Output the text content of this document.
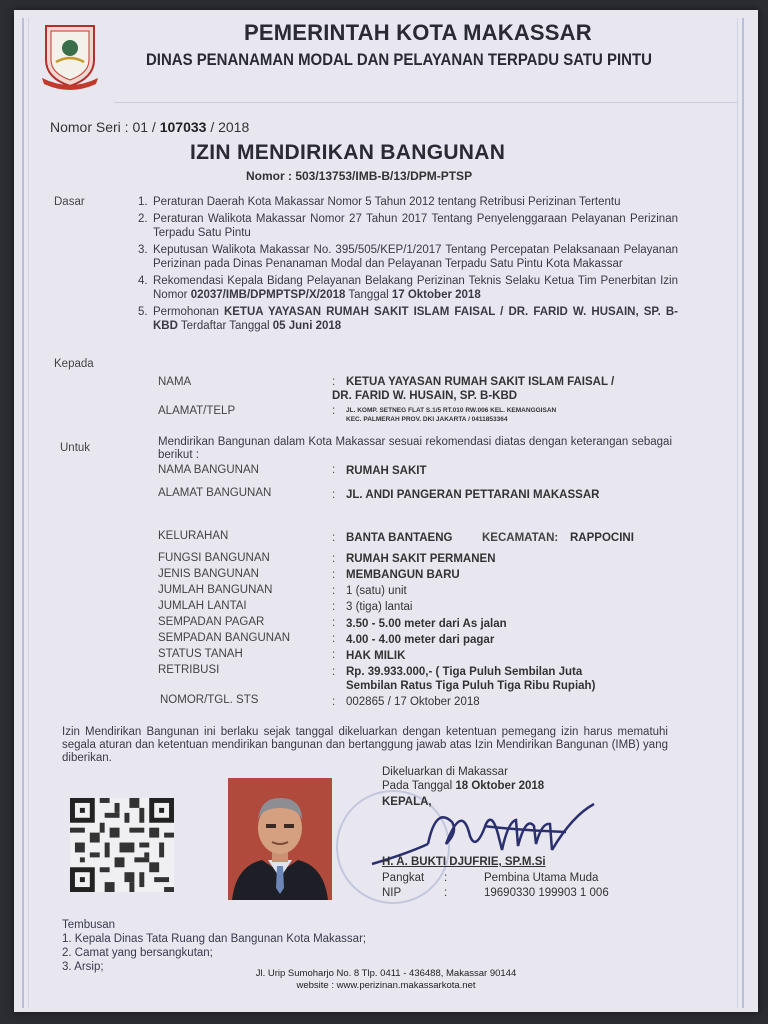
PEMERINTAH KOTA MAKASSAR
DINAS PENANAMAN MODAL DAN PELAYANAN TERPADU SATU PINTU
Nomor Seri : 01 / 107033 / 2018
IZIN MENDIRIKAN BANGUNAN
Nomor : 503/13753/IMB-B/13/DPM-PTSP
Dasar	1. Peraturan Daerah Kota Makassar Nomor 5 Tahun 2012 tentang Retribusi Perizinan Tertentu
2. Peraturan Walikota Makassar Nomor 27 Tahun 2017 Tentang Penyelenggaraan Pelayanan Perizinan Terpadu Satu Pintu
3. Keputusan Walikota Makassar No. 395/505/KEP/1/2017 Tentang Percepatan Pelaksanaan Pelayanan Perizinan pada Dinas Penanaman Modal dan Pelayanan Terpadu Satu Pintu Kota Makassar
4. Rekomendasi Kepala Bidang Pelayanan Belakang Perizinan Teknis Selaku Ketua Tim Penerbitan Izin Nomor 02037/IMB/DPMPTSP/X/2018 Tanggal 17 Oktober 2018
5. Permohonan KETUA YAYASAN RUMAH SAKIT ISLAM FAISAL / DR. FARID W. HUSAIN, SP. B-KBD Terdaftar Tanggal 05 Juni 2018
Kepada
NAMA	: KETUA YAYASAN RUMAH SAKIT ISLAM FAISAL /
DR. FARID W. HUSAIN, SP. B-KBD
ALAMAT/TELP	: JL. KOMP. SETNEG FLAT S.1/5 RT.010 RW.006 KEL. KEMANGGISAN
KEC. PALMERAH PROV. DKI JAKARTA / 0411853364
Untuk	Mendirikan Bangunan dalam Kota Makassar sesuai rekomendasi diatas dengan keterangan sebagai berikut :
NAMA BANGUNAN	: RUMAH SAKIT
ALAMAT BANGUNAN	: JL. ANDI PANGERAN PETTARANI MAKASSAR
KELURAHAN	: BANTA BANTAENG	KECAMATAN: RAPPOCINI
FUNGSI BANGUNAN	: RUMAH SAKIT PERMANEN
JENIS BANGUNAN	: MEMBANGUN BARU
JUMLAH BANGUNAN	: 1 (satu) unit
JUMLAH LANTAI	: 3 (tiga) lantai
SEMPADAN PAGAR	: 3.50 - 5.00 meter dari As jalan
SEMPADAN BANGUNAN	: 4.00 - 4.00 meter dari pagar
STATUS TANAH	: HAK MILIK
RETRIBUSI	: Rp. 39.933.000,- ( Tiga Puluh Sembilan Juta
Sembilan Ratus Tiga Puluh Tiga Ribu Rupiah)
NOMOR/TGL. STS	: 002865 / 17 Oktober 2018
Izin Mendirikan Bangunan ini berlaku sejak tanggal dikeluarkan dengan ketentuan pemegang izin harus mematuhi segala aturan dan ketentuan mendirikan bangunan dan bertanggung jawab atas Izin Mendirikan Bangunan (IMB) yang diberikan.
Dikeluarkan di Makassar
Pada Tanggal 18 Oktober 2018
KEPALA,
H. A. BUKTI DJUFRIE, SP.M.Si
Pangkat :	Pembina Utama Muda
NIP	:	19690330 199903 1 006
Tembusan
1. Kepala Dinas Tata Ruang dan Bangunan Kota Makassar;
2. Camat yang bersangkutan;
3. Arsip;
Jl. Urip Sumoharjo No. 8 Tlp. 0411 - 436488, Makassar 90144
website : www.perizinan.makassarkota.net
